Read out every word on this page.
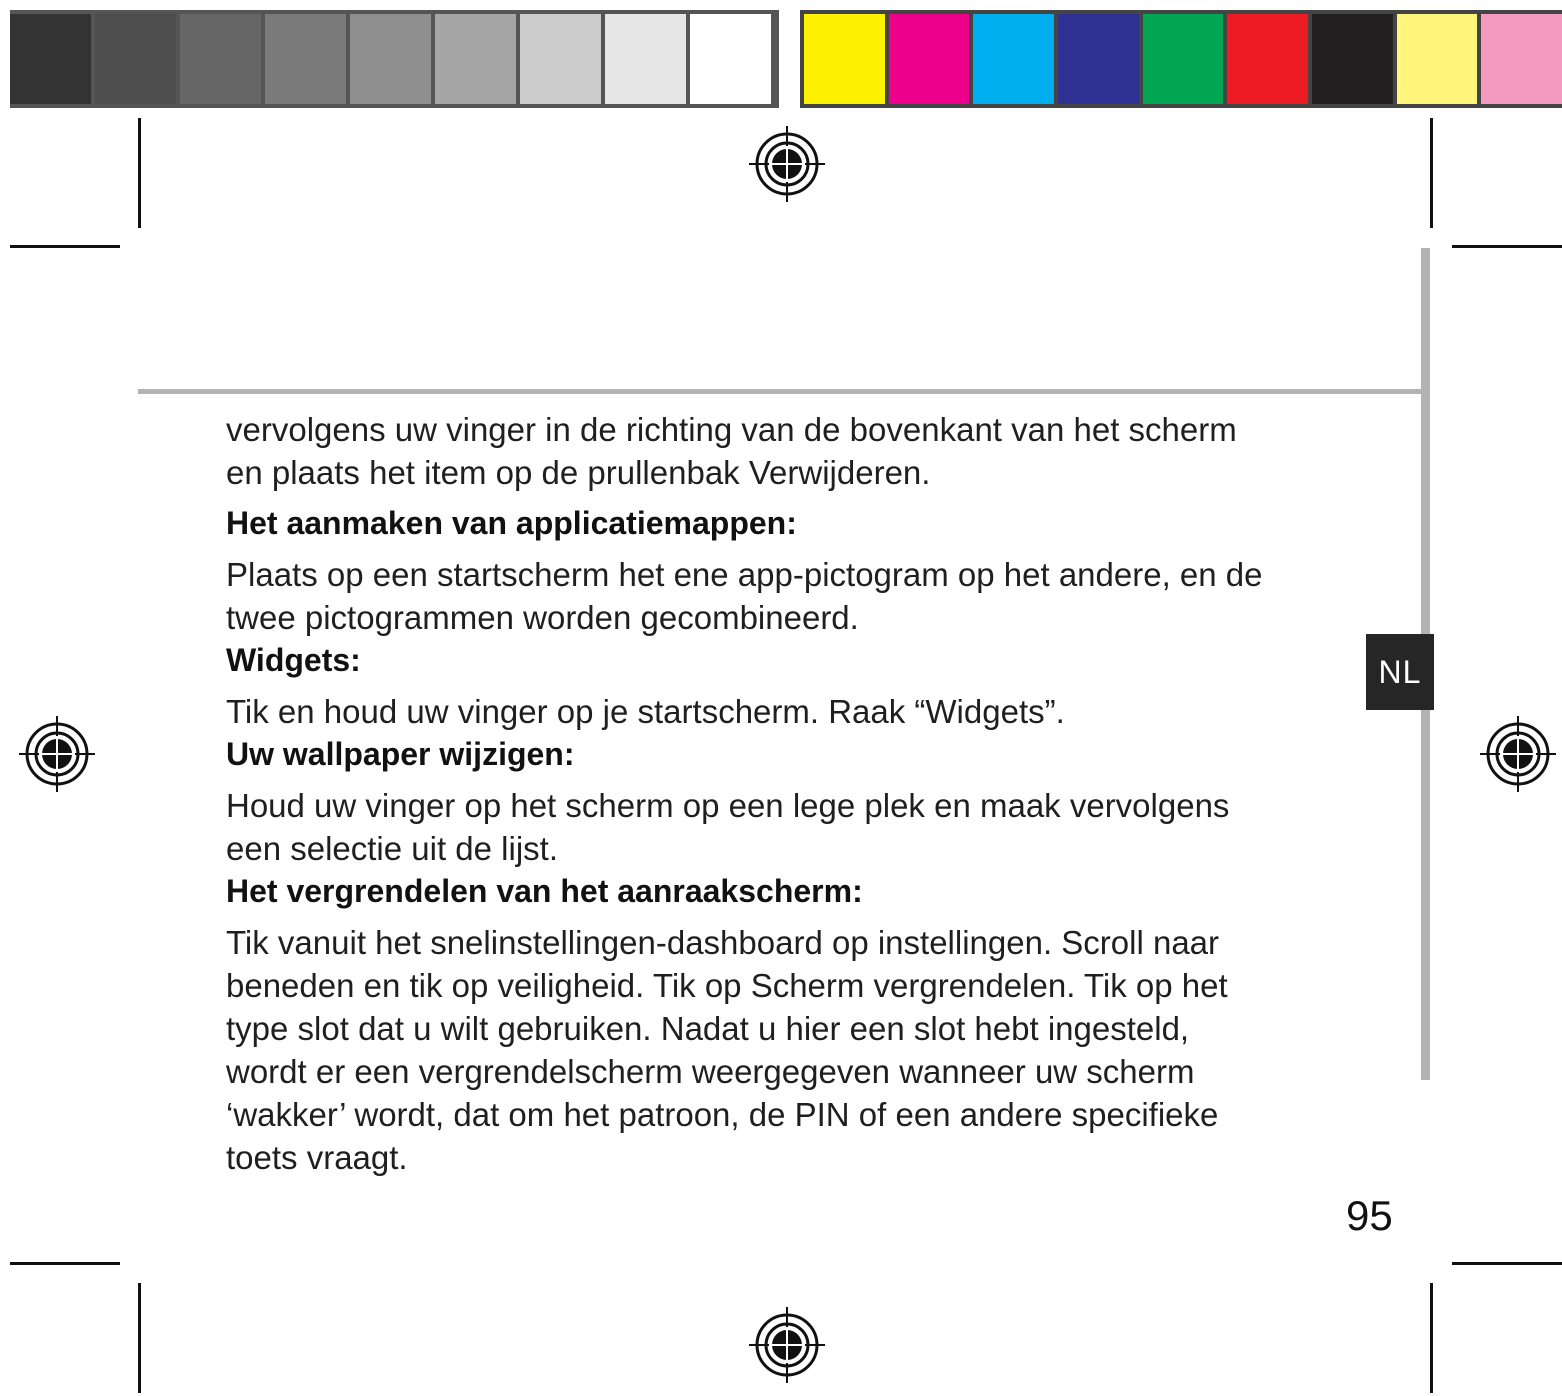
NL

vervolgens uw vinger in de richting van de bovenkant van het scherm
en plaats het item op de prullenbak Verwijderen.

Het aanmaken van applicatiemappen:

Plaats op een startscherm het ene app-pictogram op het andere, en de
twee pictogrammen worden gecombineerd.

Widgets:

Tik en houd uw vinger op je startscherm. Raak “Widgets”.

Uw wallpaper wijzigen:

Houd uw vinger op het scherm op een lege plek en maak vervolgens
een selectie uit de lijst.

Het vergrendelen van het aanraakscherm:

Tik vanuit het snelinstellingen-dashboard op instellingen. Scroll naar
beneden en tik op veiligheid. Tik op Scherm vergrendelen. Tik op het
type slot dat u wilt gebruiken. Nadat u hier een slot hebt ingesteld,
wordt er een vergrendelscherm weergegeven wanneer uw scherm
‘wakker’ wordt, dat om het patroon, de PIN of een andere specifieke
toets vraagt.

95
